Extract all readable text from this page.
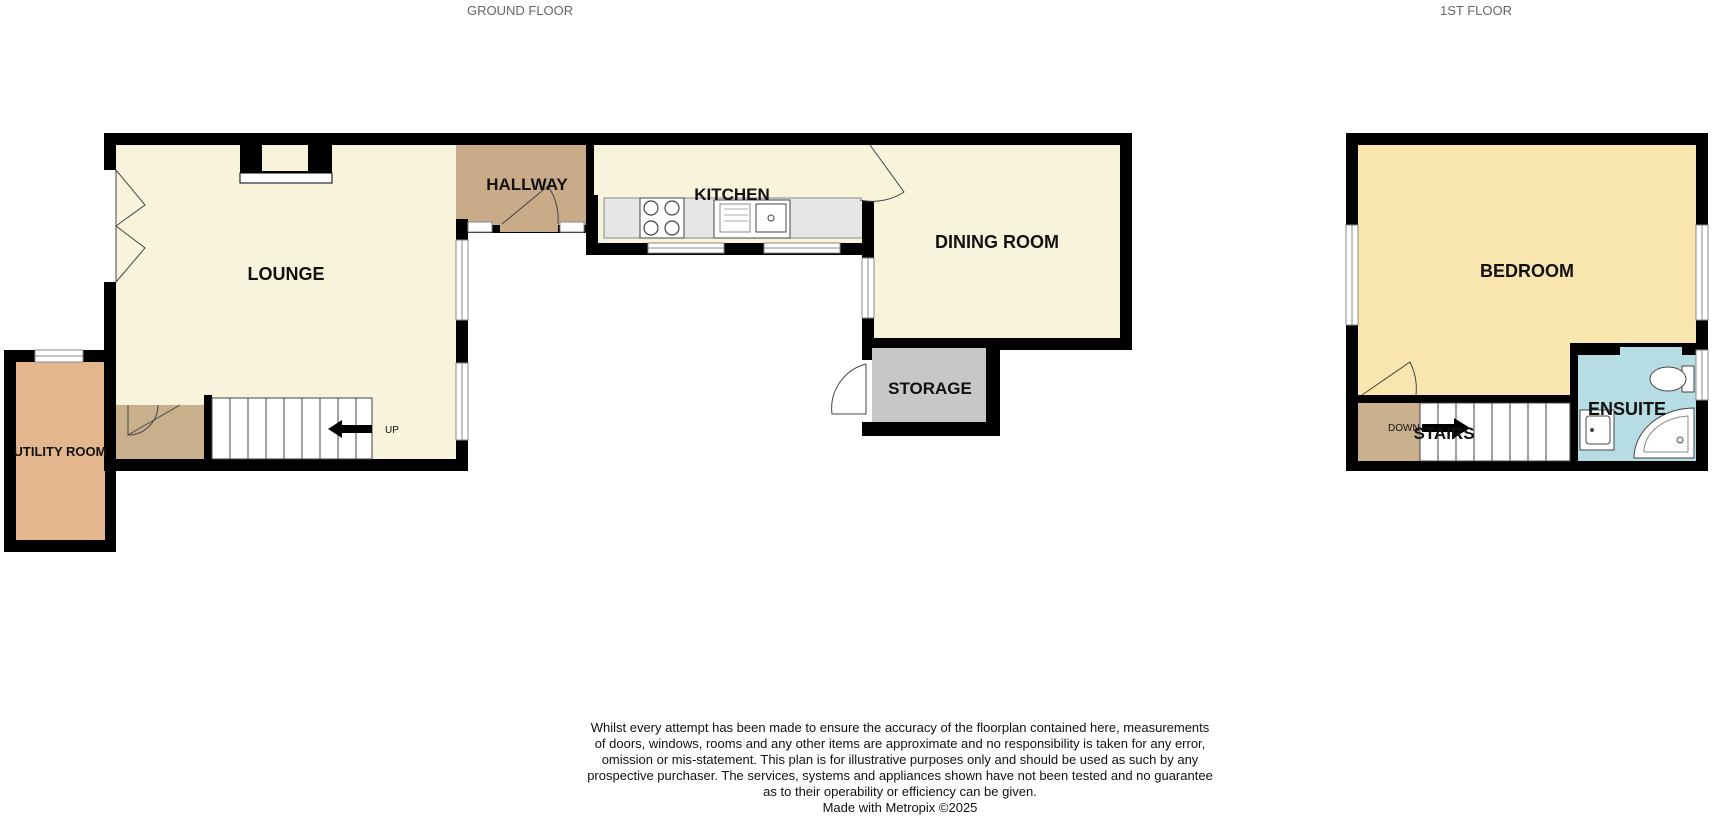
GROUND FLOOR	1ST FLOOR
LOUNGE
HALLWAY
KITCHEN
DINING ROOM
STORAGE
UTILITY ROOM
UP
BEDROOM
ENSUITE
STAIRS
DOWN
Whilst every attempt has been made to ensure the accuracy of the floorplan contained here, measurements
of doors, windows, rooms and any other items are approximate and no responsibility is taken for any error,
omission or mis-statement. This plan is for illustrative purposes only and should be used as such by any
prospective purchaser. The services, systems and appliances shown have not been tested and no guarantee
as to their operability or efficiency can be given.
Made with Metropix ©2025
